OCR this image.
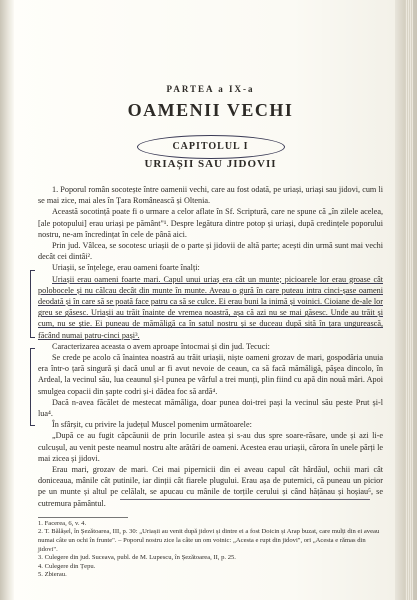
PARTEA a IX-a
OAMENII VECHI
CAPITOLUL I
URIAȘII SAU JIDOVII

1. Poporul român socotește între oamenii vechi, care au fost odată, pe uriași, uriași sau jidovi, cum li se mai zice, mai ales în Țara Românească și Oltenia.

Această socotință poate fi o urmare a celor aflate în Sf. Scriptură, care ne spune că „în zilele acelea, [ale potopului] erau uriași pe pământ"¹. Despre legătura dintre potop și uriași, după credințele poporului nostru, ne-am încredințat în cele de până aici.

Prin jud. Vâlcea, se socotesc uriașii de o parte și jidovii de altă parte; acești din urmă sunt mai vechi decât cei dintâi².

Uriașii, se înțelege, erau oameni foarte înalți:

Uriașii erau oameni foarte mari. Capul unui uriaș era cât un munte; picioarele lor erau groase cât polobocele și nu călcau decât din munte în munte. Aveau o gură în care puteau intra cinci-șase oameni deodată și în care să se poată face patru ca să se culce. Ei erau buni la inimă și voinici. Cioiane de-ale lor greu se găsesc. Uriașii au trăit înainte de vremea noastră, așa că azi nu se mai găsesc. Unde au trăit și cum, nu se știe. Ei puneau de mămăligă ca în satul nostru și se duceau după sită în țara ungurească, făcând numai patru-cinci pași³.

Caracterizarea aceasta o avem aproape întocmai și din jud. Tecuci:

Se crede pe acolo că înaintea noastră au trăit uriașii, niște oameni grozav de mari, gospodăria unuia era într-o țară singură și dacă unul ar fi avut nevoie de ceaun, ca să facă mămăligă, păşea dincolo, în Ardeal, la vecinul său, lua ceaunul și-l punea pe vârful a trei munți, plin fiind cu apă din nouă mări. Apoi smulgea copacii din șapte codri și-i dădea foc să ardă⁴.

Dacă n-avea făcălet de mestecat mămăliga, doar punea doi-trei pași la vecinul său peste Prut și-l lua⁴.

În sfârșit, cu privire la județul Muscel pomenim următoarele:

„După ce au fugit căpcăunii de prin locurile astea și s-au dus spre soare-răsare, unde și azi li-e culcușul, au venit peste neamul nostru alte arătări de oameni. Acestea erau uriașii, cărora în unele părți le mai zicea și jidovi.

Erau mari, grozav de mari. Cei mai pipernicii din ei aveau capul cât hârdăul, ochii mari cât doniceaua, mânile cât putinile, iar dinții cât fiarele plugului. Erau așa de puternici, că puneau un picior pe un munte și altul pe celălalt, se apucau cu mânile de torțile cerului și când hățănau și hoșiau⁵, se cutremura pământul.

1. Facerea, 6, v. 4.
2. T. Bălășel, în Șezătoarea, III, p. 30: „Uriașii au venit după jidovi și dintre ei a fost Doicin și Arap buzat, care mulți din ei aveau numai câte un ochi în frunte". – Poporul nostru zice la câte un om voinic: „Acesta e rupt din jidovi", ori „Acesta e rămas din jidovi".
3. Culegere din jud. Suceava, publ. de M. Lupescu, în Șezătoarea, II, p. 25.
4. Culegere din Țepu.
5. Zbierau.
